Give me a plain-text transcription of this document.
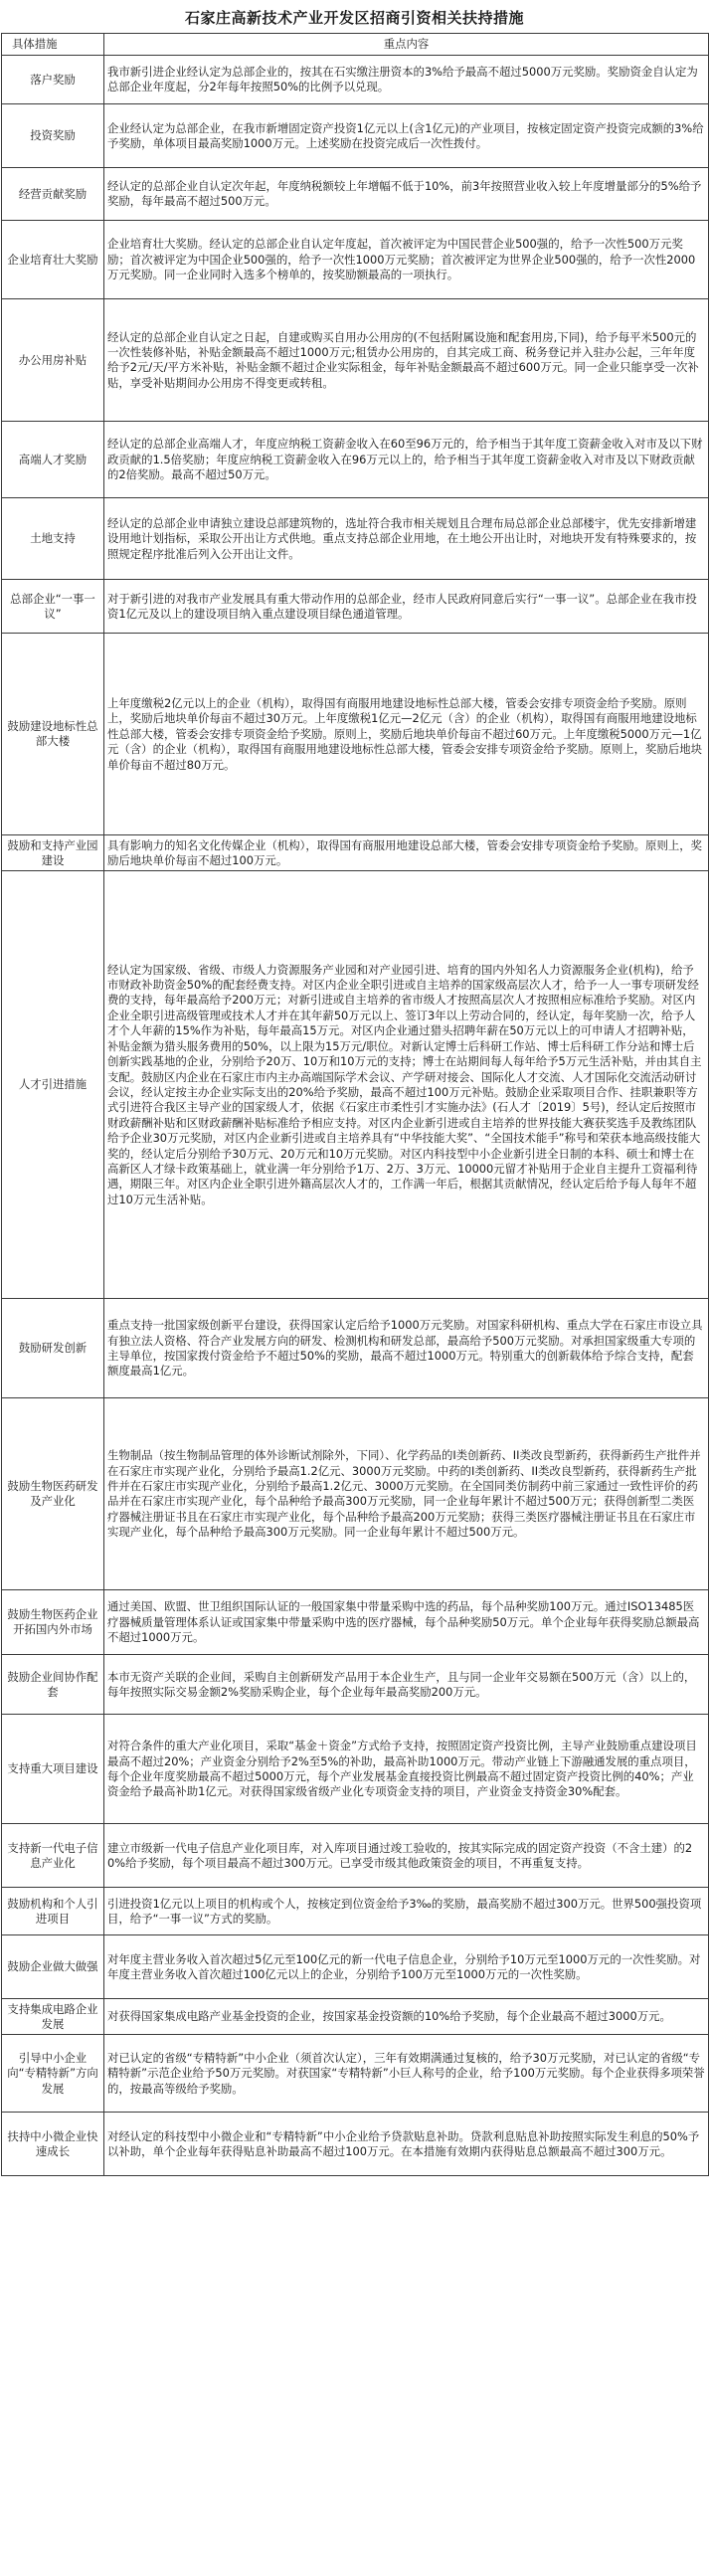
石家庄高新技术产业开发区招商引资相关扶持措施
具体措施	重点内容
落户奖励	我市新引进企业经认定为总部企业的，按其在石实缴注册资本的3%给予最高不超过5000万元奖励。奖励资金自认定为总部企业年度起，分2年每年按照50%的比例予以兑现。
投资奖励	企业经认定为总部企业，在我市新增固定资产投资1亿元以上(含1亿元)的产业项目，按核定固定资产投资完成额的3%给予奖励，单体项目最高奖励1000万元。上述奖励在投资完成后一次性拨付。
经营贡献奖励	经认定的总部企业自认定次年起，年度纳税额较上年增幅不低于10%，前3年按照营业收入较上年度增量部分的5%给予奖励，每年最高不超过500万元。
企业培育壮大奖励	企业培育壮大奖励。经认定的总部企业自认定年度起，首次被评定为中国民营企业500强的，给予一次性500万元奖励；首次被评定为中国企业500强的，给予一次性1000万元奖励；首次被评定为世界企业500强的，给予一次性2000万元奖励。同一企业同时入选多个榜单的，按奖励额最高的一项执行。
办公用房补贴	经认定的总部企业自认定之日起，自建或购买自用办公用房的(不包括附属设施和配套用房,下同)，给予每平米500元的一次性装修补贴，补贴金额最高不超过1000万元;租赁办公用房的，自其完成工商、税务登记并入驻办公起，三年年度给予2元/天/平方米补贴，补贴金额不超过企业实际租金，每年补贴金额最高不超过600万元。同一企业只能享受一次补贴，享受补贴期间办公用房不得变更或转租。
高端人才奖励	经认定的总部企业高端人才，年度应纳税工资薪金收入在60至96万元的，给予相当于其年度工资薪金收入对市及以下财政贡献的1.5倍奖励；年度应纳税工资薪金收入在96万元以上的，给予相当于其年度工资薪金收入对市及以下财政贡献的2倍奖励。最高不超过50万元。
土地支持	经认定的总部企业申请独立建设总部建筑物的，选址符合我市相关规划且合理布局总部企业总部楼宇，优先安排新增建设用地计划指标，采取公开出让方式供地。重点支持总部企业用地，在土地公开出让时，对地块开发有特殊要求的，按照规定程序批准后列入公开出让文件。
总部企业“一事一议”	对于新引进的对我市产业发展具有重大带动作用的总部企业，经市人民政府同意后实行“一事一议”。总部企业在我市投资1亿元及以上的建设项目纳入重点建设项目绿色通道管理。
鼓励建设地标性总部大楼	上年度缴税2亿元以上的企业（机构），取得国有商服用地建设地标性总部大楼，管委会安排专项资金给予奖励。原则上，奖励后地块单价每亩不超过30万元。上年度缴税1亿元—2亿元（含）的企业（机构），取得国有商服用地建设地标性总部大楼，管委会安排专项资金给予奖励。原则上，奖励后地块单价每亩不超过60万元。上年度缴税5000万元—1亿元（含）的企业（机构），取得国有商服用地建设地标性总部大楼，管委会安排专项资金给予奖励。原则上，奖励后地块单价每亩不超过80万元。
鼓励和支持产业园建设	具有影响力的知名文化传媒企业（机构），取得国有商服用地建设总部大楼，管委会安排专项资金给予奖励。原则上，奖励后地块单价每亩不超过100万元。
人才引进措施	经认定为国家级、省级、市级人力资源服务产业园和对产业园引进、培育的国内外知名人力资源服务企业(机构)，给予市财政补助资金50%的配套经费支持。对区内企业全职引进或自主培养的国家级高层次人才，给予一人一事专项研发经费的支持，每年最高给予200万元；对新引进或自主培养的省市级人才按照高层次人才按照相应标准给予奖励。对区内企业全职引进高级管理或技术人才并在其年薪50万元以上、签订3年以上劳动合同的，经认定，每年奖励一次，给予人才个人年薪的15%作为补贴，每年最高15万元。对区内企业通过猎头招聘年薪在50万元以上的可申请人才招聘补贴，补贴金额为猎头服务费用的50%，以上限为15万元/职位。对新认定博士后科研工作站、博士后科研工作分站和博士后创新实践基地的企业，分别给予20万、10万和10万元的支持；博士在站期间每人每年给予5万元生活补贴，并由其自主支配。鼓励区内企业在石家庄市内主办高端国际学术会议、产学研对接会、国际化人才交流、人才国际化交流活动研讨会议，经认定按主办企业实际支出的20%给予奖励，最高不超过100万元补贴。鼓励企业采取项目合作、挂职兼职等方式引进符合我区主导产业的国家级人才，依据《石家庄市柔性引才实施办法》(石人才〔2019〕5号)，经认定后按照市财政薪酬补贴和区财政薪酬补贴标准给予相应支持。对区内企业新引进或自主培养的世界技能大赛获奖选手及教练团队给予企业30万元奖励，对区内企业新引进或自主培养具有“中华技能大奖”、“全国技术能手”称号和荣获本地高级技能大奖的，经认定后分别给予30万元、20万元和10万元奖励。对区内科技型中小企业新引进全日制的本科、硕士和博士在高新区人才绿卡政策基础上，就业满一年分别给予1万、2万、3万元、10000元留才补贴用于企业自主提升工资福利待遇，期限三年。对区内企业全职引进外籍高层次人才的，工作满一年后，根据其贡献情况，经认定后给予每人每年不超过10万元生活补贴。
鼓励研发创新	重点支持一批国家级创新平台建设，获得国家认定后给予1000万元奖励。对国家科研机构、重点大学在石家庄市设立具有独立法人资格、符合产业发展方向的研发、检测机构和研发总部，最高给予500万元奖励。对承担国家级重大专项的主导单位，按国家拨付资金给予不超过50%的奖励，最高不超过1000万元。特别重大的创新载体给予综合支持，配套额度最高1亿元。
鼓励生物医药研发及产业化	生物制品（按生物制品管理的体外诊断试剂除外，下同）、化学药品的I类创新药、II类改良型新药，获得新药生产批件并在石家庄市实现产业化，分别给予最高1.2亿元、3000万元奖励。中药的I类创新药、II类改良型新药，获得新药生产批件并在石家庄市实现产业化，分别给予最高1.2亿元、3000万元奖励。在全国同类仿制药中前三家通过一致性评价的药品并在石家庄市实现产业化，每个品种给予最高300万元奖励，同一企业每年累计不超过500万元；获得创新型二类医疗器械注册证书且在石家庄市实现产业化，每个品种给予最高200万元奖励；获得三类医疗器械注册证书且在石家庄市实现产业化，每个品种给予最高300万元奖励。同一企业每年累计不超过500万元。
鼓励生物医药企业开拓国内外市场	通过美国、欧盟、世卫组织国际认证的一般国家集中带量采购中选的药品，每个品种奖励100万元。通过ISO13485医疗器械质量管理体系认证或国家集中带量采购中选的医疗器械，每个品种奖励50万元。单个企业每年获得奖励总额最高不超过1000万元。
鼓励企业间协作配套	本市无资产关联的企业间，采购自主创新研发产品用于本企业生产，且与同一企业年交易额在500万元（含）以上的，每年按照实际交易金额2%奖励采购企业，每个企业每年最高奖励200万元。
支持重大项目建设	对符合条件的重大产业化项目，采取“基金＋资金”方式给予支持，按照固定资产投资比例，主导产业鼓励重点建设项目最高不超过20%；产业资金分别给予2%至5%的补助，最高补助1000万元。带动产业链上下游融通发展的重点项目，每个企业年度奖励最高不超过5000万元，每个产业发展基金直接投资比例最高不超过固定资产投资比例的40%；产业资金给予最高补助1亿元。对获得国家级省级产业化专项资金支持的项目，产业资金支持资金30%配套。
支持新一代电子信息产业化	建立市级新一代电子信息产业化项目库，对入库项目通过竣工验收的，按其实际完成的固定资产投资（不含土建）的20%给予奖励，每个项目最高不超过300万元。已享受市级其他政策资金的项目，不再重复支持。
鼓励机构和个人引进项目	引进投资1亿元以上项目的机构或个人，按核定到位资金给予3‰的奖励，最高奖励不超过300万元。世界500强投资项目，给予“一事一议”方式的奖励。
鼓励企业做大做强	对年度主营业务收入首次超过5亿元至100亿元的新一代电子信息企业，分别给予10万元至1000万元的一次性奖励。对年度主营业务收入首次超过100亿元以上的企业，分别给予100万元至1000万元的一次性奖励。
支持集成电路企业发展	对获得国家集成电路产业基金投资的企业，按国家基金投资额的10%给予奖励，每个企业最高不超过3000万元。
引导中小企业向“专精特新”方向发展	对已认定的省级“专精特新”中小企业（须首次认定），三年有效期满通过复核的，给予30万元奖励，对已认定的省级“专精特新”示范企业给予50万元奖励。对获国家“专精特新”小巨人称号的企业，给予100万元奖励。每个企业获得多项荣誉的，按最高等级给予奖励。
扶持中小微企业快速成长	对经认定的科技型中小微企业和“专精特新”中小企业给予贷款贴息补助。贷款利息贴息补助按照实际发生利息的50%予以补助，单个企业每年获得贴息补助最高不超过100万元。在本措施有效期内获得贴息总额最高不超过300万元。
